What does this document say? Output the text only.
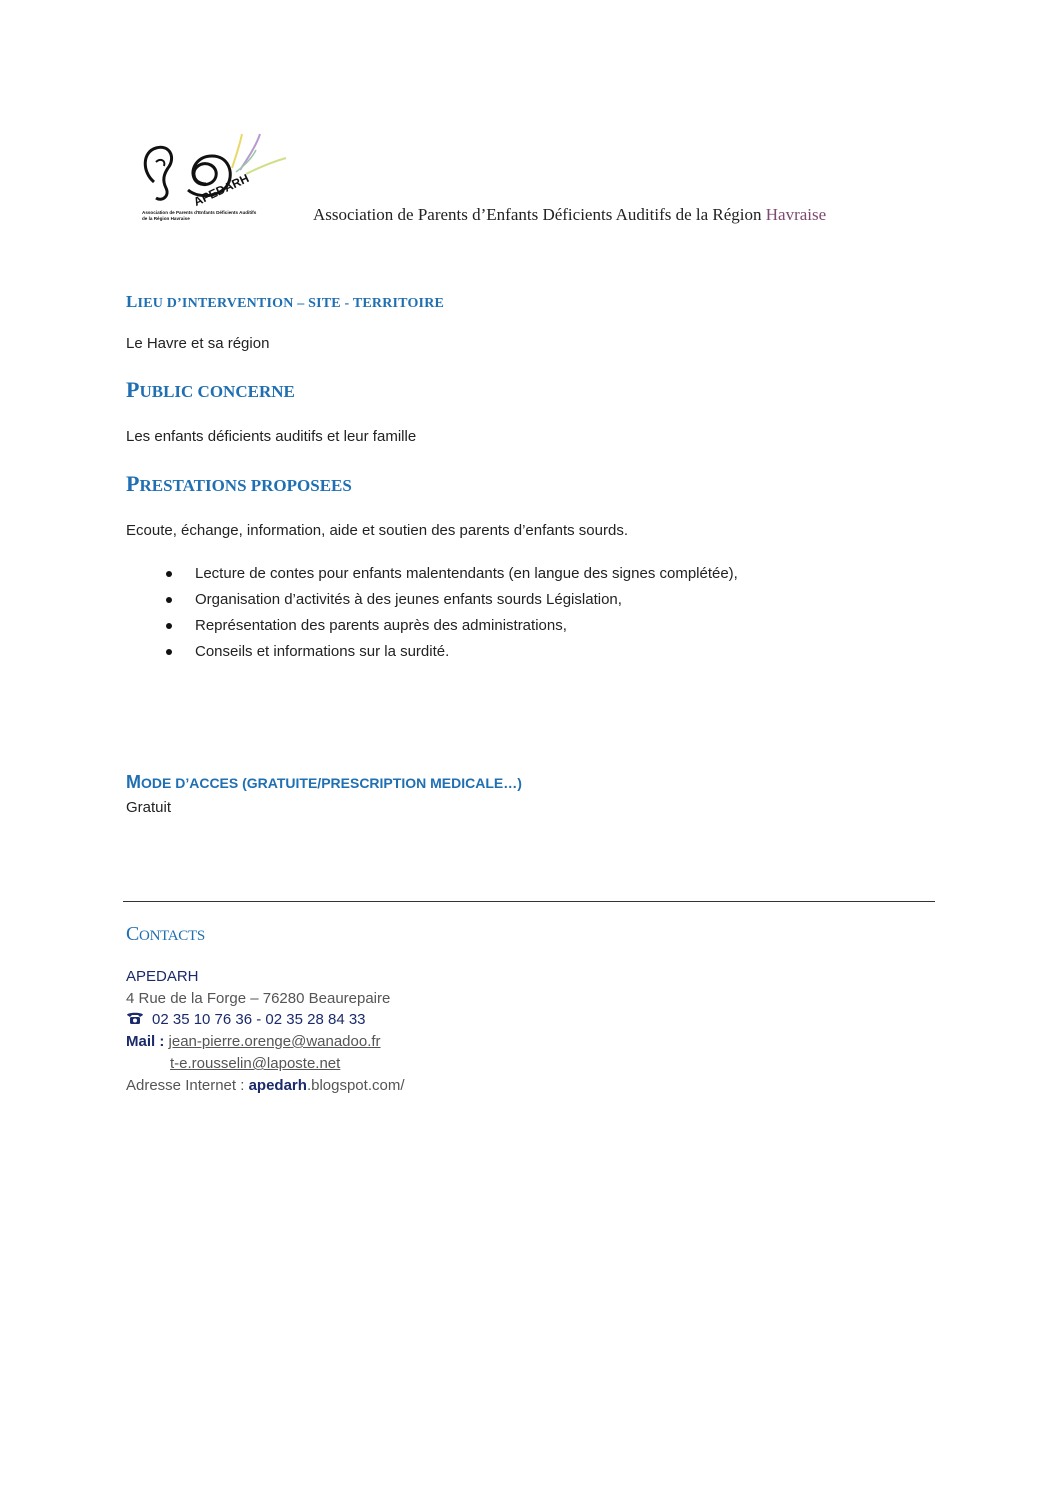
APEDARH
Association de Parents d'Enfants Déficients Auditifs
de la Région Havraise	Association de Parents d’Enfants Déficients Auditifs de la Région Havraise
LIEU D’INTERVENTION – SITE - TERRITOIRE
Le Havre et sa région
PUBLIC CONCERNE
Les enfants déficients auditifs et leur famille
PRESTATIONS PROPOSEES
Ecoute, échange, information, aide et soutien des parents d’enfants sourds.
Lecture de contes pour enfants malentendants (en langue des signes complétée),
Organisation d’activités à des jeunes enfants sourds Législation,
Représentation des parents auprès des administrations,
Conseils et informations sur la surdité.
MODE D’ACCES (GRATUITE/PRESCRIPTION MEDICALE…)
Gratuit
CONTACTS
APEDARH
4 Rue de la Forge – 76280 Beaurepaire
02 35 10 76 36 - 02 35 28 84 33
Mail : jean-pierre.orenge@wanadoo.fr
t-e.rousselin@laposte.net
Adresse Internet : apedarh.blogspot.com/
